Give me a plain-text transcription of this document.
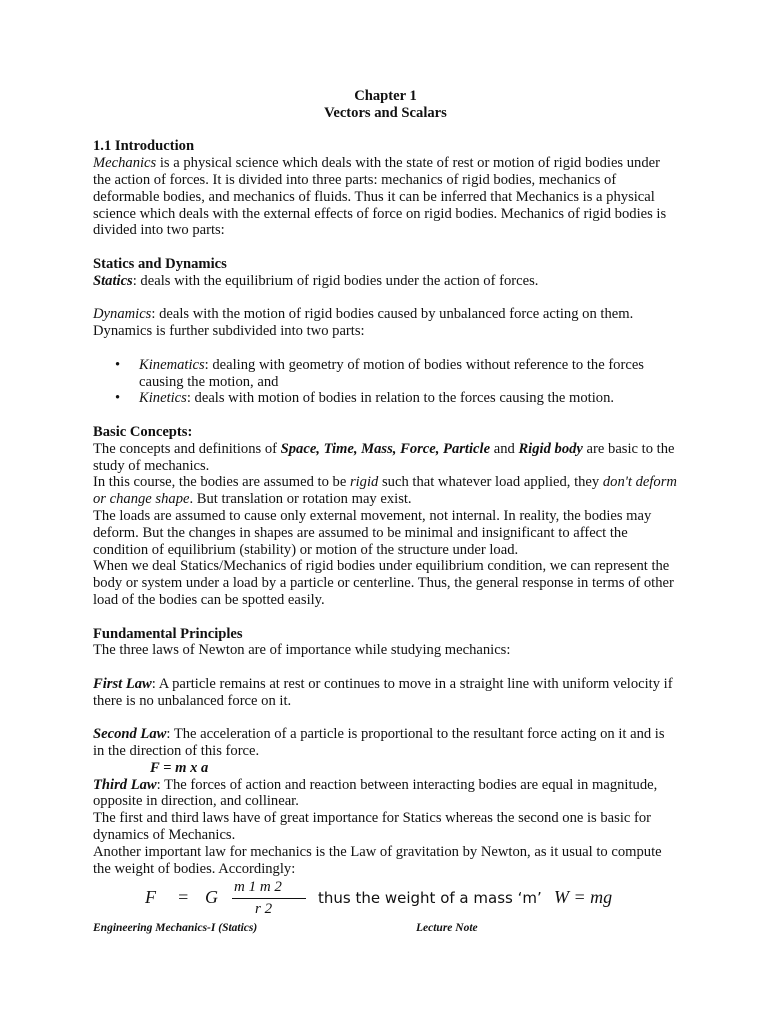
Chapter 1

Vectors and Scalars

1.1 Introduction

Mechanics is a physical science which deals with the state of rest or motion of rigid bodies under the action of forces. It is divided into three parts: mechanics of rigid bodies, mechanics of deformable bodies, and mechanics of fluids. Thus it can be inferred that Mechanics is a physical science which deals with the external effects of force on rigid bodies. Mechanics of rigid bodies is divided into two parts:

Statics and Dynamics

Statics: deals with the equilibrium of rigid bodies under the action of forces.

Dynamics: deals with the motion of rigid bodies caused by unbalanced force acting on them. Dynamics is further subdivided into two parts:

• Kinematics: dealing with geometry of motion of bodies without reference to the forces causing the motion, and
• Kinetics: deals with motion of bodies in relation to the forces causing the motion.

Basic Concepts:

The concepts and definitions of Space, Time, Mass, Force, Particle and Rigid body are basic to the study of mechanics.

In this course, the bodies are assumed to be rigid such that whatever load applied, they don't deform or change shape. But translation or rotation may exist.

The loads are assumed to cause only external movement, not internal. In reality, the bodies may deform. But the changes in shapes are assumed to be minimal and insignificant to affect the condition of equilibrium (stability) or motion of the structure under load.

When we deal Statics/Mechanics of rigid bodies under equilibrium condition, we can represent the body or system under a load by a particle or centerline. Thus, the general response in terms of other load of the bodies can be spotted easily.

Fundamental Principles

The three laws of Newton are of importance while studying mechanics:

First Law: A particle remains at rest or continues to move in a straight line with uniform velocity if there is no unbalanced force on it.

Second Law: The acceleration of a particle is proportional to the resultant force acting on it and is in the direction of this force.

F = m x a

Third Law: The forces of action and reaction between interacting bodies are equal in magnitude, opposite in direction, and collinear.

The first and third laws have of great importance for Statics whereas the second one is basic for dynamics of Mechanics.

Another important law for mechanics is the Law of gravitation by Newton, as it usual to compute the weight of bodies. Accordingly:

F = G m 1 m 2
r 2
thus the weight of a mass ‘m’ W = mg
Engineering Mechanics-I (Statics)	Lecture Note
